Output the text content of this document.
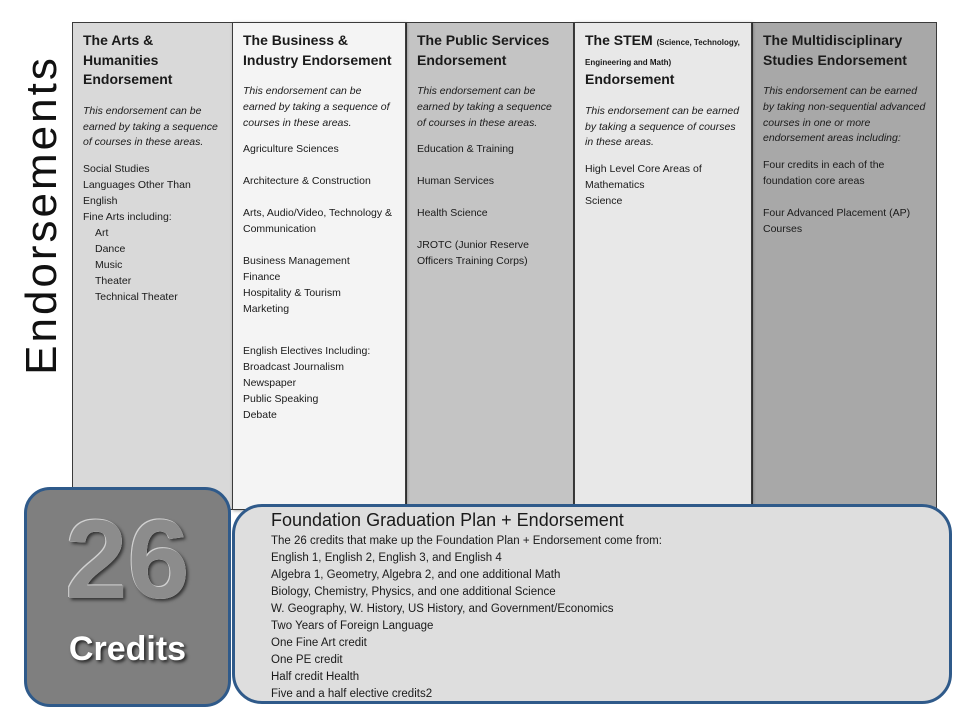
Endorsements
The Arts & Humanities Endorsement

This endorsement can be earned by taking a sequence of courses in these areas.

Social Studies
Languages Other Than English
Fine Arts including:
Art
Dance
Music
Theater
Technical Theater
The Business & Industry Endorsement

This endorsement can be earned by taking a sequence of courses in these areas.

Agriculture Sciences
Architecture & Construction
Arts, Audio/Video, Technology & Communication
Business Management
Finance
Hospitality & Tourism
Marketing
English Electives Including:
Broadcast Journalism
Newspaper
Public Speaking
Debate
The Public Services Endorsement

This endorsement can be earned by taking a sequence of courses in these areas.

Education & Training
Human Services
Health Science
JROTC (Junior Reserve Officers Training Corps)
The STEM (Science, Technology, Engineering and Math)
Endorsement

This endorsement can be earned by taking a sequence of courses in these areas.

High Level Core Areas of Mathematics
Science
The Multidisciplinary Studies Endorsement

This endorsement can be earned by taking non-sequential advanced courses in one or more endorsement areas including:

Four credits in each of the foundation core areas
Four Advanced Placement (AP) Courses
26
Credits
Foundation Graduation Plan + Endorsement
The 26 credits that make up the Foundation Plan + Endorsement come from:
English 1, English 2, English 3, and English 4
Algebra 1, Geometry, Algebra 2, and one additional Math
Biology, Chemistry, Physics, and one additional Science
W. Geography, W. History, US History, and Government/Economics
Two Years of Foreign Language
One Fine Art credit
One PE credit
Half credit Health
Five and a half elective credits2
